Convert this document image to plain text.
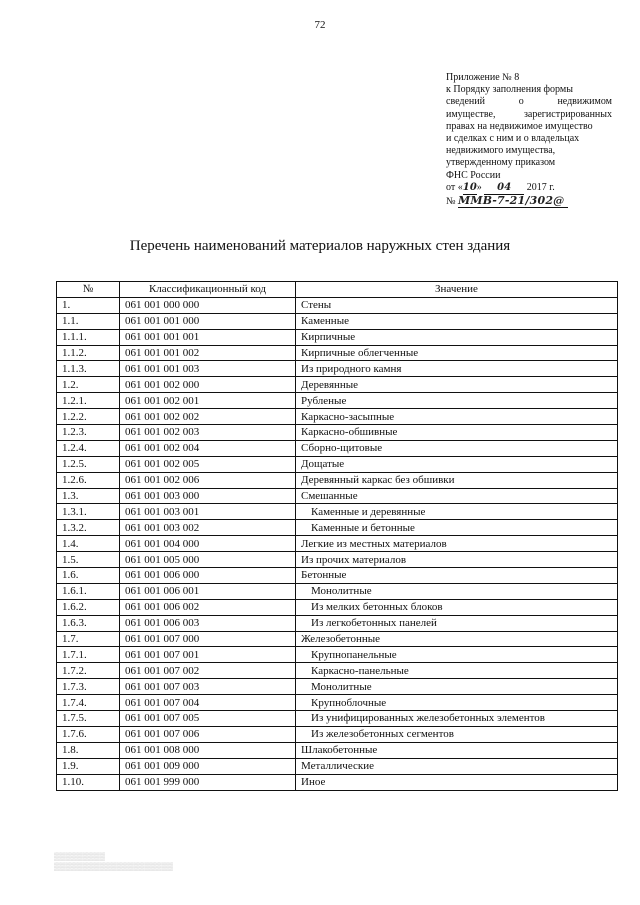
72
Приложение № 8
к Порядку заполнения формы
сведений	о	недвижимом
имуществе,	зарегистрированных
правах на недвижимое имущество
и сделках с ним и о владельцах
недвижимого имущества,
утвержденному приказом
ФНС России
от «10» 04 2017 г.
№ ММВ-7-21/302@
Перечень наименований материалов наружных стен здания
№	Классификационный код	Значение
1.	061 001 000 000	Стены
1.1.	061 001 001 000	Каменные
1.1.1.	061 001 001 001	Кирпичные
1.1.2.	061 001 001 002	Кирпичные облегченные
1.1.3.	061 001 001 003	Из природного камня
1.2.	061 001 002 000	Деревянные
1.2.1.	061 001 002 001	Рубленые
1.2.2.	061 001 002 002	Каркасно-засыпные
1.2.3.	061 001 002 003	Каркасно-обшивные
1.2.4.	061 001 002 004	Сборно-щитовые
1.2.5.	061 001 002 005	Дощатые
1.2.6.	061 001 002 006	Деревянный каркас без обшивки
1.3.	061 001 003 000	Смешанные
1.3.1.	061 001 003 001	Каменные и деревянные
1.3.2.	061 001 003 002	Каменные и бетонные
1.4.	061 001 004 000	Легкие из местных материалов
1.5.	061 001 005 000	Из прочих материалов
1.6.	061 001 006 000	Бетонные
1.6.1.	061 001 006 001	Монолитные
1.6.2.	061 001 006 002	Из мелких бетонных блоков
1.6.3.	061 001 006 003	Из легкобетонных панелей
1.7.	061 001 007 000	Железобетонные
1.7.1.	061 001 007 001	Крупнопанельные
1.7.2.	061 001 007 002	Каркасно-панельные
1.7.3.	061 001 007 003	Монолитные
1.7.4.	061 001 007 004	Крупноблочные
1.7.5.	061 001 007 005	Из унифицированных железобетонных элементов
1.7.6.	061 001 007 006	Из железобетонных сегментов
1.8.	061 001 008 000	Шлакобетонные
1.9.	061 001 009 000	Металлические
1.10.	061 001 999 000	Иное
▒▒▒▒▒▒▒▒▒
▒▒▒▒▒▒▒▒▒▒▒▒▒▒▒▒▒▒▒▒▒
